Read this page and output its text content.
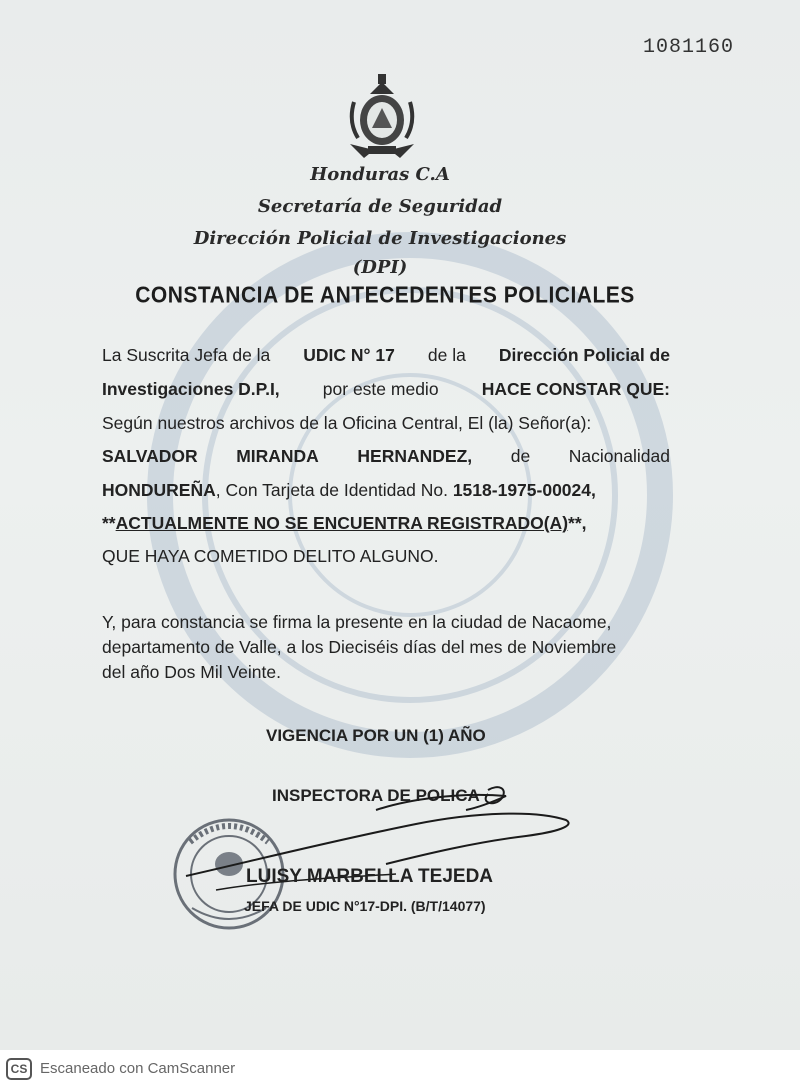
1081160
Honduras C.A
Secretaría de Seguridad
Dirección Policial de Investigaciones
(DPI)
CONSTANCIA DE ANTECEDENTES POLICIALES
La Suscrita Jefa de la UDIC N° 17 de la Dirección Policial de
Investigaciones D.P.I, por este medio HACE CONSTAR QUE:
Según nuestros archivos de la Oficina Central, El (la) Señor(a):
SALVADOR MIRANDA HERNANDEZ, de Nacionalidad
HONDUREÑA, Con Tarjeta de Identidad No. 1518-1975-00024,
**ACTUALMENTE NO SE ENCUENTRA REGISTRADO(A)**,
QUE HAYA COMETIDO DELITO ALGUNO.
Y, para constancia se firma la presente en la ciudad de Nacaome,
departamento de Valle, a los Dieciséis días del mes de Noviembre
del año Dos Mil Veinte.
VIGENCIA POR UN (1) AÑO
INSPECTORA DE POLICA
LUISY MARBELLA TEJEDA
JEFA DE UDIC N°17-DPI. (B/T/14077)
CS Escaneado con CamScanner
